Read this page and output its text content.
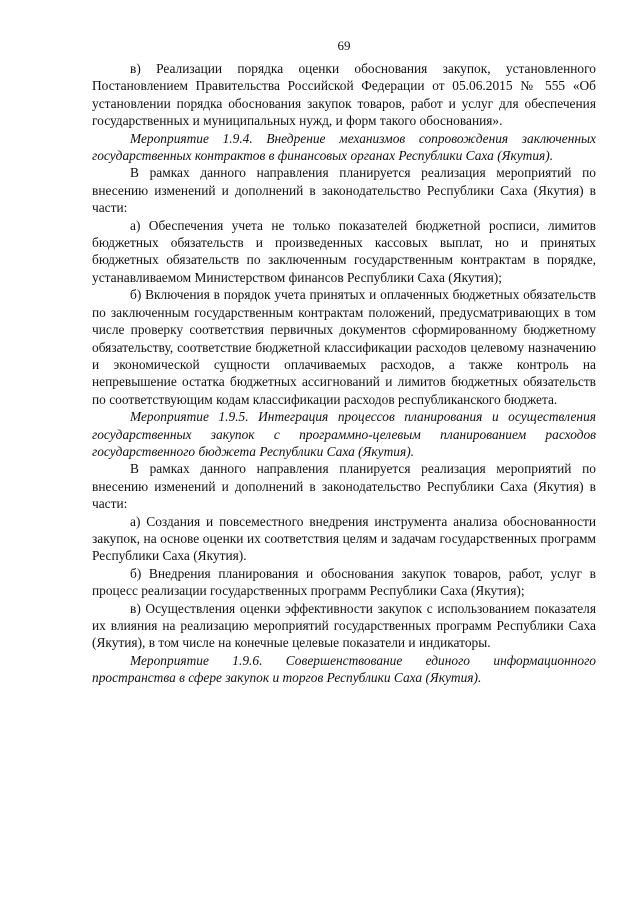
69

в) Реализации порядка оценки обоснования закупок, установленного Постановлением Правительства Российской Федерации от 05.06.2015 № 555 «Об установлении порядка обоснования закупок товаров, работ и услуг для обеспечения государственных и муниципальных нужд, и форм такого обоснования».

Мероприятие 1.9.4. Внедрение механизмов сопровождения заключенных государственных контрактов в финансовых органах Республики Саха (Якутия).

В рамках данного направления планируется реализация мероприятий по внесению изменений и дополнений в законодательство Республики Саха (Якутия) в части:

а) Обеспечения учета не только показателей бюджетной росписи, лимитов бюджетных обязательств и произведенных кассовых выплат, но и принятых бюджетных обязательств по заключенным государственным контрактам в порядке, устанавливаемом Министерством финансов Республики Саха (Якутия);

б) Включения в порядок учета принятых и оплаченных бюджетных обязательств по заключенным государственным контрактам положений, предусматривающих в том числе проверку соответствия первичных документов сформированному бюджетному обязательству, соответствие бюджетной классификации расходов целевому назначению и экономической сущности оплачиваемых расходов, а также контроль на непревышение остатка бюджетных ассигнований и лимитов бюджетных обязательств по соответствующим кодам классификации расходов республиканского бюджета.

Мероприятие 1.9.5. Интеграция процессов планирования и осуществления государственных закупок с программно-целевым планированием расходов государственного бюджета Республики Саха (Якутия).

В рамках данного направления планируется реализация мероприятий по внесению изменений и дополнений в законодательство Республики Саха (Якутия) в части:

а) Создания и повсеместного внедрения инструмента анализа обоснованности закупок, на основе оценки их соответствия целям и задачам государственных программ Республики Саха (Якутия).

б) Внедрения планирования и обоснования закупок товаров, работ, услуг в процесс реализации государственных программ Республики Саха (Якутия);

в) Осуществления оценки эффективности закупок с использованием показателя их влияния на реализацию мероприятий государственных программ Республики Саха (Якутия), в том числе на конечные целевые показатели и индикаторы.

Мероприятие 1.9.6. Совершенствование единого информационного пространства в сфере закупок и торгов Республики Саха (Якутия).
